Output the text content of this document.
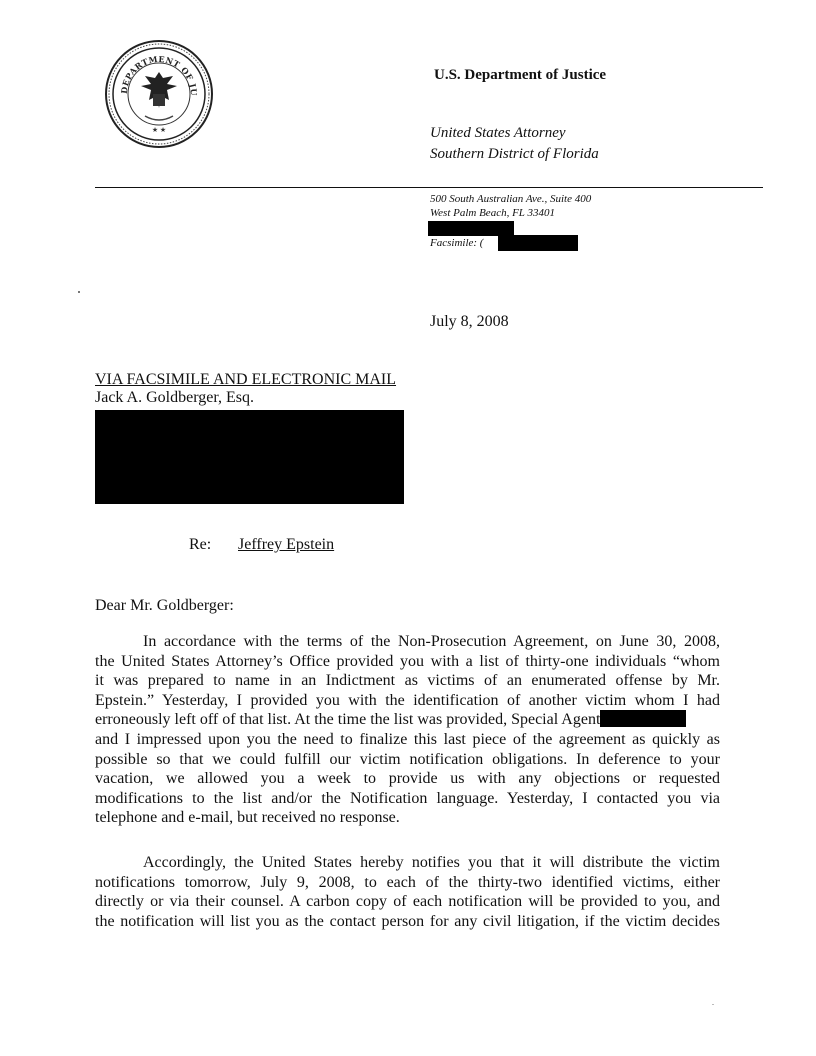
DEPARTMENT OF JU
★ ★
U.S. Department of Justice
United States Attorney
Southern District of Florida
500 South Australian Ave., Suite 400
West Palm Beach, FL 33401
Facsimile: (
July 8, 2008
VIA FACSIMILE AND ELECTRONIC MAIL
Jack A. Goldberger, Esq.
Re: Jeffrey Epstein
Dear Mr. Goldberger:
In accordance with the terms of the Non-Prosecution Agreement, on June 30, 2008,
the United States Attorney’s Office provided you with a list of thirty-one individuals “whom
it was prepared to name in an Indictment as victims of an enumerated offense by Mr.
Epstein.” Yesterday, I provided you with the identification of another victim whom I had
erroneously left off of that list. At the time the list was provided, Special Agent
and I impressed upon you the need to finalize this last piece of the agreement as quickly as
possible so that we could fulfill our victim notification obligations. In deference to your
vacation, we allowed you a week to provide us with any objections or requested
modifications to the list and/or the Notification language. Yesterday, I contacted you via
telephone and e-mail, but received no response.
Accordingly, the United States hereby notifies you that it will distribute the victim
notifications tomorrow, July 9, 2008, to each of the thirty-two identified victims, either
directly or via their counsel. A carbon copy of each notification will be provided to you, and
the notification will list you as the contact person for any civil litigation, if the victim decides
